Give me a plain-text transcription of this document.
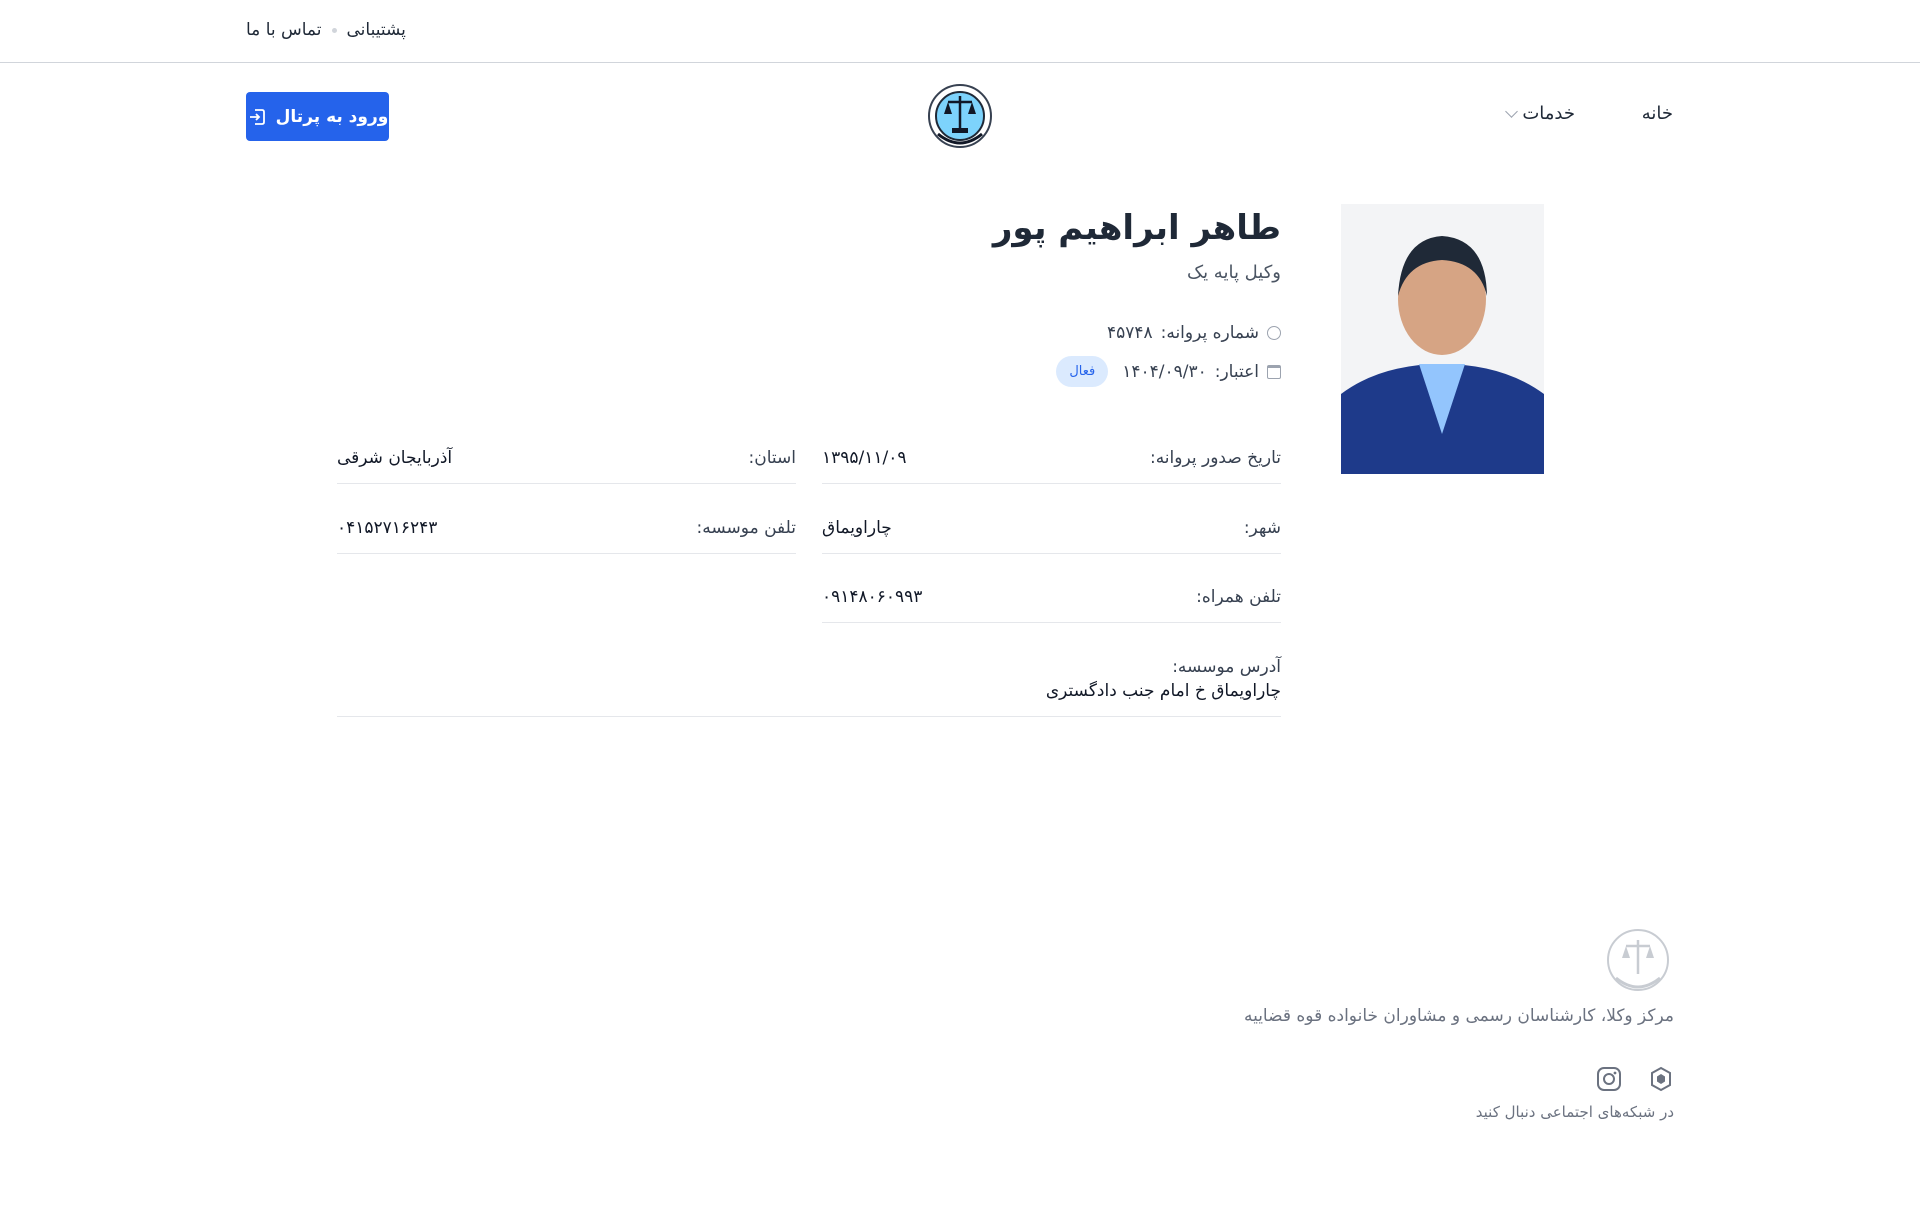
تماس با ما پشتیبانی
خانه
خدمات
ورود به پرتال
طاهر ابراهیم پور
وکیل پایه یک
شماره پروانه:
۴۵۷۴۸
اعتبار:
۱۴۰۴/۰۹/۳۰
فعال
تاریخ صدور پروانه:
۱۳۹۵/۱۱/۰۹
استان:
آذربایجان شرقی
شهر:
چاراویماق
تلفن موسسه:
۰۴۱۵۲۷۱۶۲۴۳
تلفن همراه:
۰۹۱۴۸۰۶۰۹۹۳
آدرس موسسه:
چاراویماق خ امام جنب دادگستری
مرکز وکلا، کارشناسان رسمی و مشاوران خانواده قوه قضاییه
در شبکه‌های اجتماعی دنبال کنید
